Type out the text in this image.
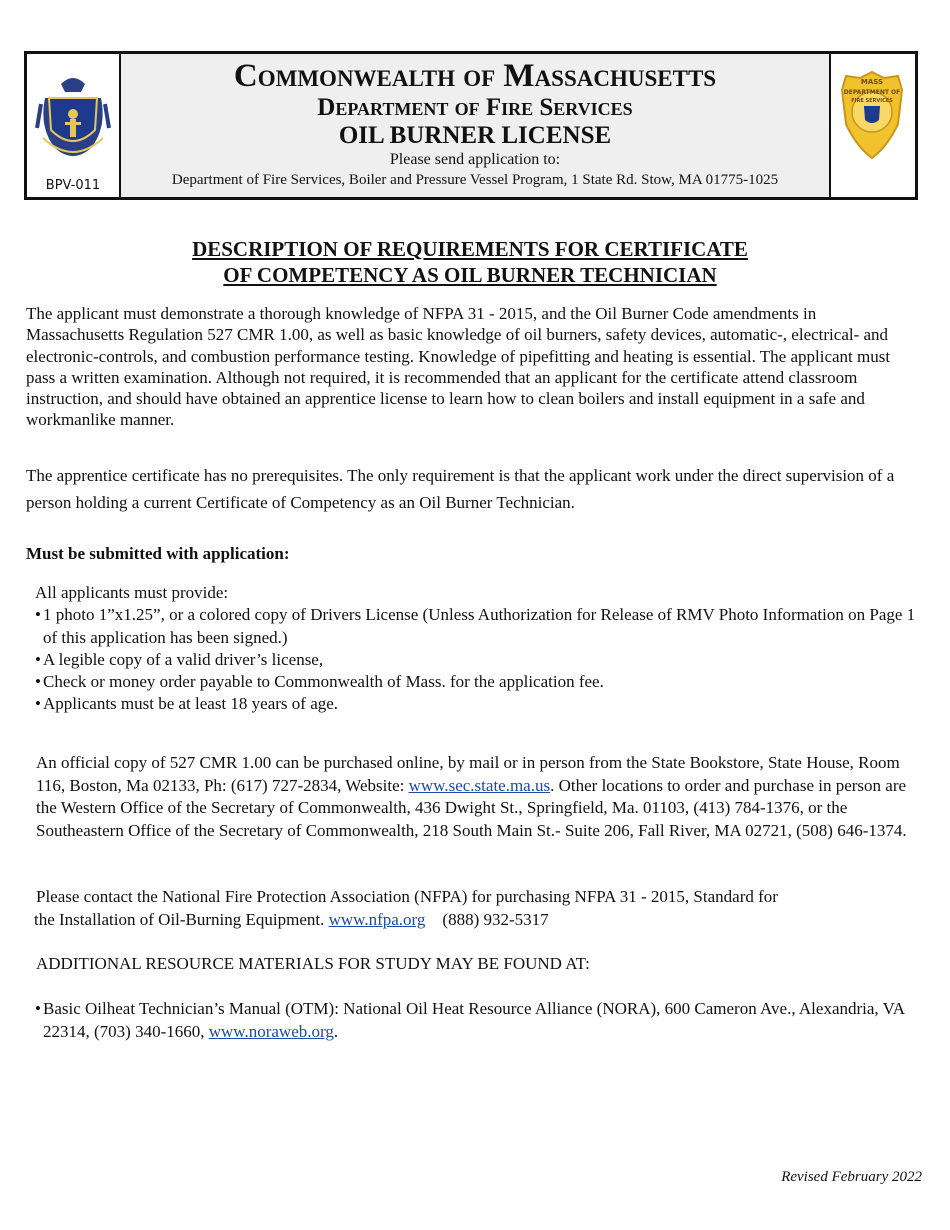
BPV-011
Commonwealth of Massachusetts
Department of Fire Services
OIL BURNER LICENSE
Please send application to:
Department of Fire Services, Boiler and Pressure Vessel Program, 1 State Rd. Stow, MA 01775-1025
MASS
DEPARTMENT OF
FIRE SERVICES
DESCRIPTION OF REQUIREMENTS FOR CERTIFICATE
OF COMPETENCY AS OIL BURNER TECHNICIAN
The applicant must demonstrate a thorough knowledge of NFPA 31 - 2015, and the Oil Burner Code amendments in Massachusetts Regulation 527 CMR 1.00, as well as basic knowledge of oil burners, safety devices, automatic-, electrical- and electronic-controls, and combustion performance testing. Knowledge of pipefitting and heating is essential. The applicant must pass a written examination. Although not required, it is recommended that an applicant for the certificate attend classroom instruction, and should have obtained an apprentice license to learn how to clean boilers and install equipment in a safe and workmanlike manner.
The apprentice certificate has no prerequisites. The only requirement is that the applicant work under the direct supervision of a person holding a current Certificate of Competency as an Oil Burner Technician.
Must be submitted with application:
All applicants must provide:
• 1 photo 1”x1.25”, or a colored copy of Drivers License (Unless Authorization for Release of RMV Photo Information on Page 1 of this application has been signed.)
• A legible copy of a valid driver’s license,
• Check or money order payable to Commonwealth of Mass. for the application fee.
• Applicants must be at least 18 years of age.
An official copy of 527 CMR 1.00 can be purchased online, by mail or in person from the State Bookstore, State House, Room 116, Boston, Ma 02133, Ph: (617) 727-2834, Website: www.sec.state.ma.us. Other locations to order and purchase in person are the Western Office of the Secretary of Commonwealth, 436 Dwight St., Springfield, Ma. 01103, (413) 784-1376, or the Southeastern Office of the Secretary of Commonwealth, 218 South Main St.- Suite 206, Fall River, MA 02721, (508) 646-1374.
Please contact the National Fire Protection Association (NFPA) for purchasing NFPA 31 - 2015, Standard for
the Installation of Oil-Burning Equipment. www.nfpa.org (888) 932-5317
ADDITIONAL RESOURCE MATERIALS FOR STUDY MAY BE FOUND AT:
• Basic Oilheat Technician’s Manual (OTM): National Oil Heat Resource Alliance (NORA), 600 Cameron Ave., Alexandria, VA 22314, (703) 340-1660, www.noraweb.org.
Revised February 2022
